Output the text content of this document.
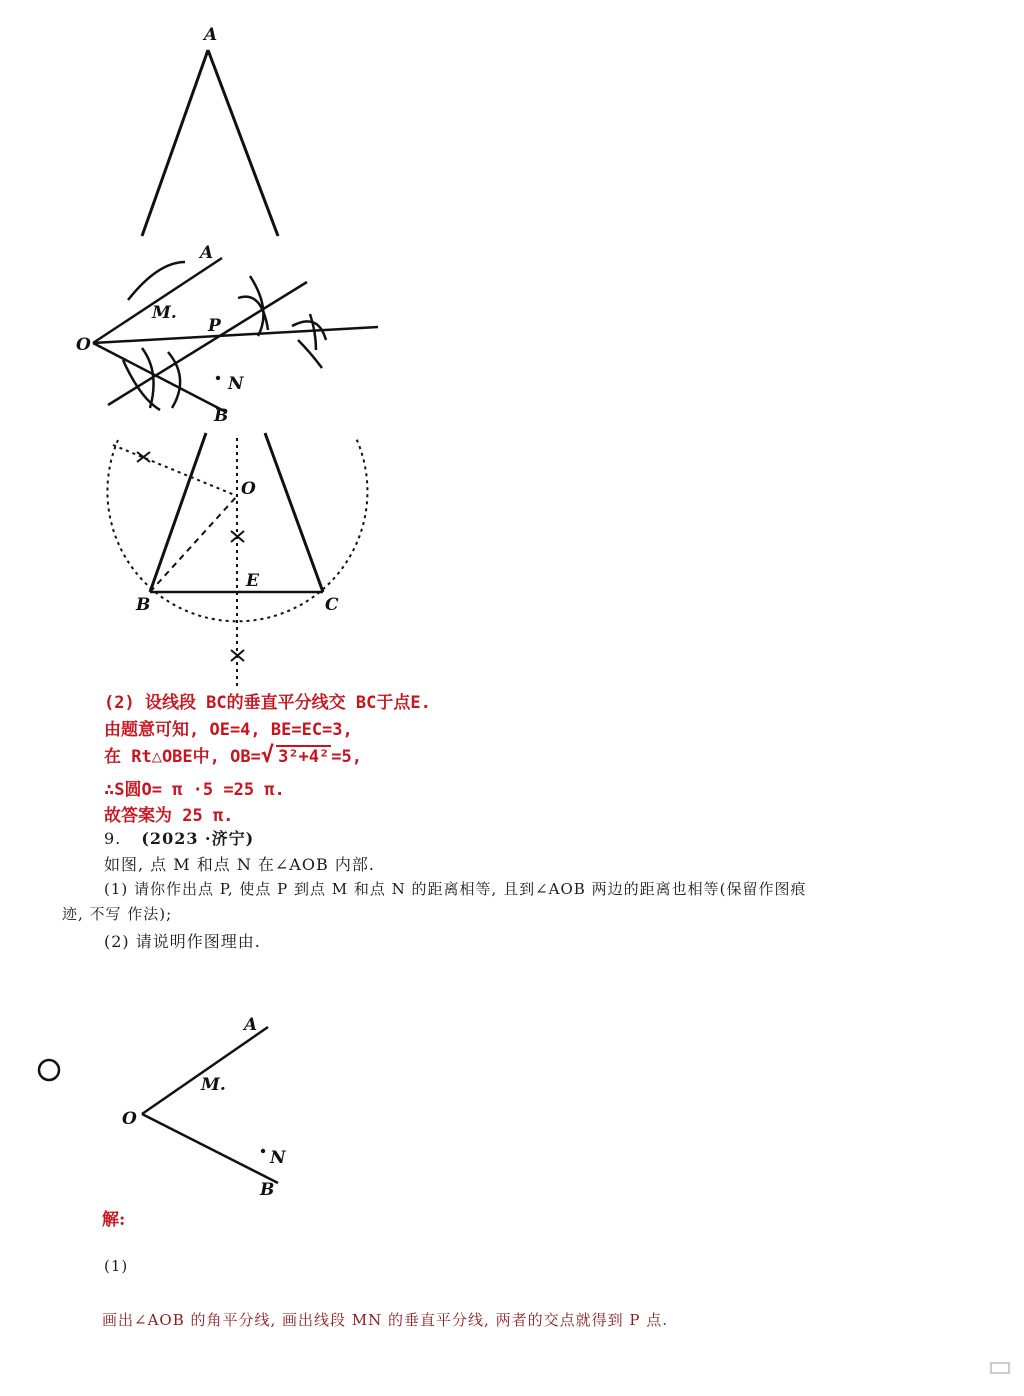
A
A
M.
O
P
N
B
O
E
B	C
A
M.
O
N
B
(2) 设线段 BC的垂直平分线交 BC于点E.
由题意可知, OE=4, BE=EC=3,
在 Rt△OBE中, OB=√ 3²+4² =5,
∴S圆O= π ·5 =25 π.
故答案为 25 π.
9. (2023 ·济宁)
如图, 点 M 和点 N 在∠AOB 内部.
(1) 请你作出点 P, 使点 P 到点 M 和点 N 的距离相等, 且到∠AOB 两边的距离也相等(保留作图痕
迹, 不写 作法);
(2) 请说明作图理由.
解:
(1)
画出∠AOB 的角平分线, 画出线段 MN 的垂直平分线, 两者的交点就得到 P 点.
